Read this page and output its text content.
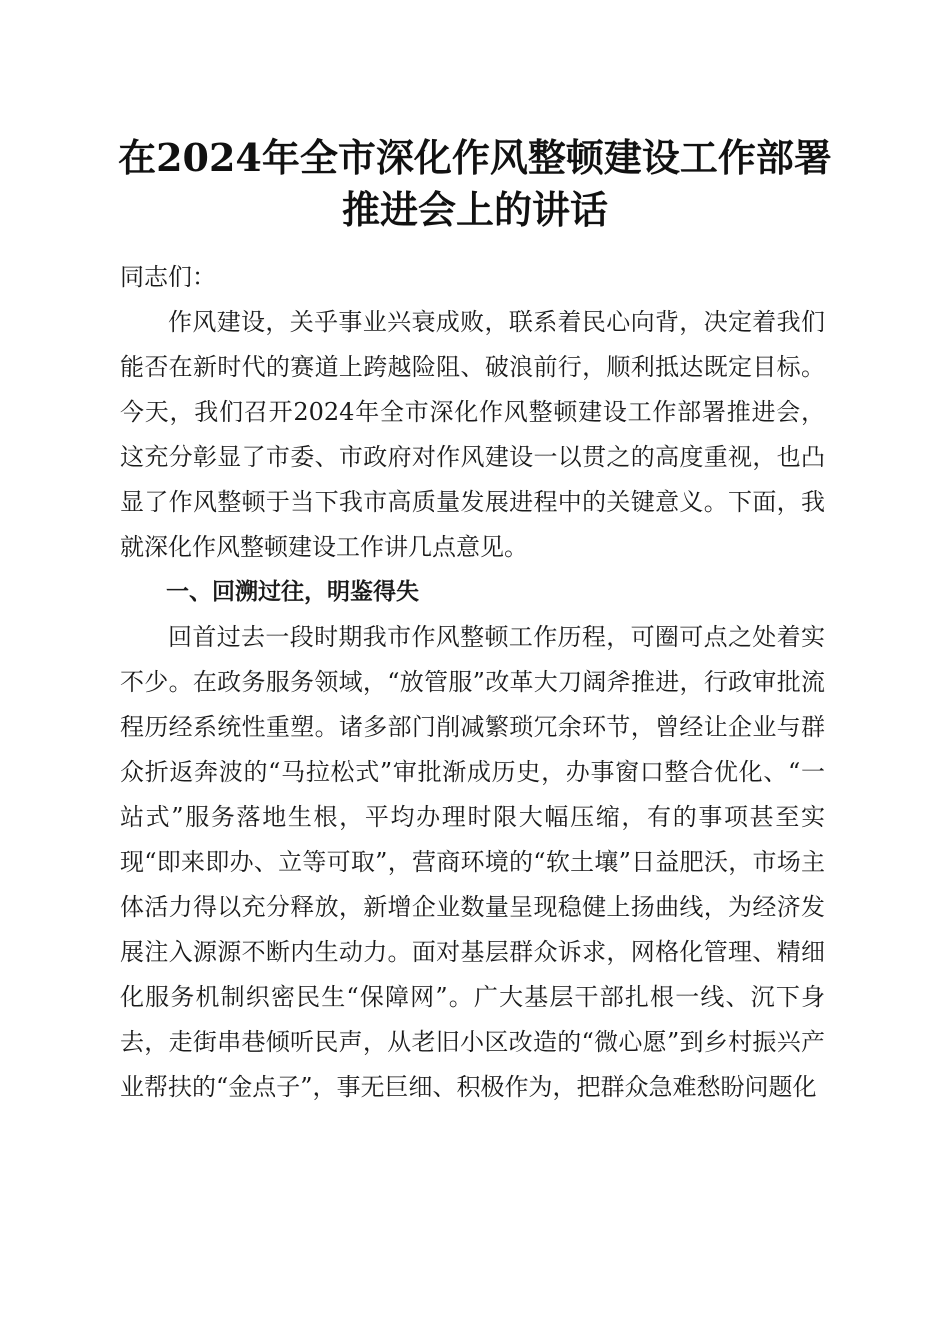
在2024年全市深化作风整顿建设工作部署推进会上的讲话

同志们：

作风建设，关乎事业兴衰成败，联系着民心向背，决定着我们能否在新时代的赛道上跨越险阻、破浪前行，顺利抵达既定目标。今天，我们召开2024年全市深化作风整顿建设工作部署推进会，这充分彰显了市委、市政府对作风建设一以贯之的高度重视，也凸显了作风整顿于当下我市高质量发展进程中的关键意义。下面，我就深化作风整顿建设工作讲几点意见。

一、回溯过往，明鉴得失

回首过去一段时期我市作风整顿工作历程，可圈可点之处着实不少。在政务服务领域，“放管服”改革大刀阔斧推进，行政审批流程历经系统性重塑。诸多部门削减繁琐冗余环节，曾经让企业与群众折返奔波的“马拉松式”审批渐成历史，办事窗口整合优化、“一站式”服务落地生根，平均办理时限大幅压缩，有的事项甚至实现“即来即办、立等可取”，营商环境的“软土壤”日益肥沃，市场主体活力得以充分释放，新增企业数量呈现稳健上扬曲线，为经济发展注入源源不断内生动力。面对基层群众诉求，网格化管理、精细化服务机制织密民生“保障网”。广大基层干部扎根一线、沉下身去，走街串巷倾听民声，从老旧小区改造的“微心愿”到乡村振兴产业帮扶的“金点子”，事无巨细、积极作为，把群众急难愁盼问题化
